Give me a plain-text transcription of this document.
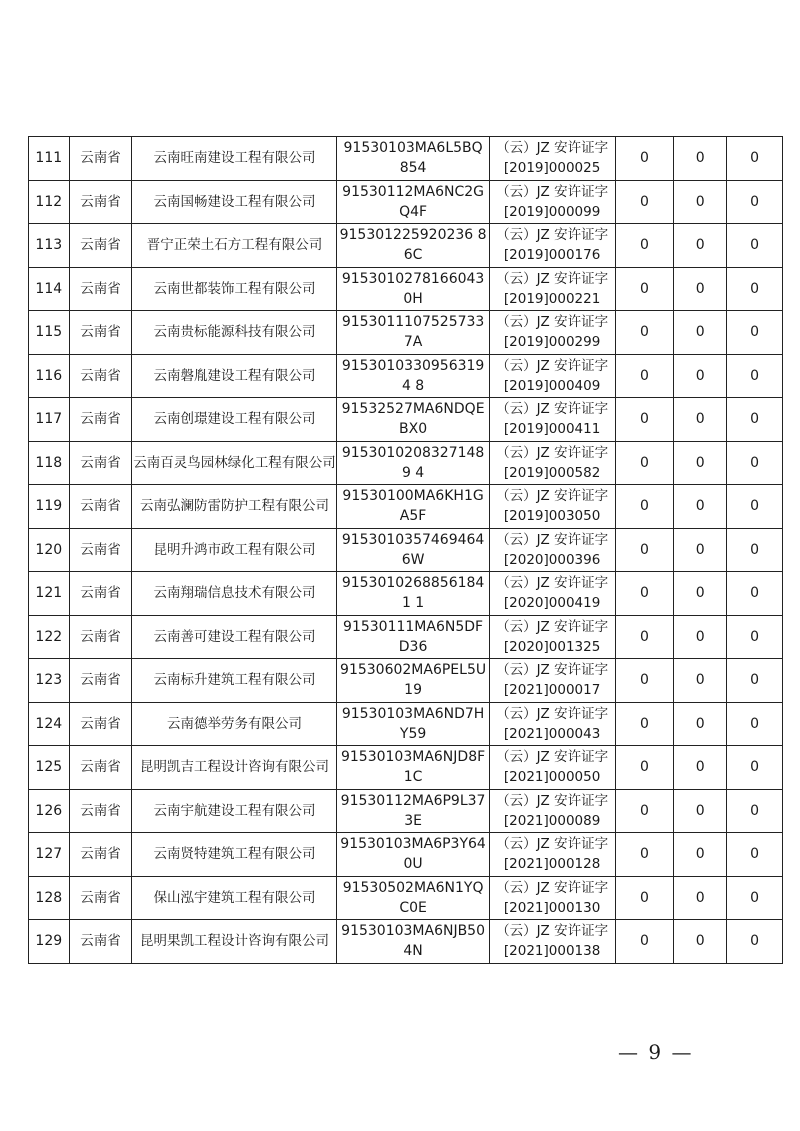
111	云南省	云南旺南建设工程有限公司	91530103MA6L5BQ854	（云）JZ 安许证字
[2019]000025	0	0	0
112	云南省	云南国畅建设工程有限公司	91530112MA6NC2GQ4F	（云）JZ 安许证字
[2019]000099	0	0	0
113	云南省	晋宁正荣土石方工程有限公司	915301225920236 86C	（云）JZ 安许证字
[2019]000176	0	0	0
114	云南省	云南世都装饰工程有限公司	91530102781660430H	（云）JZ 安许证字
[2019]000221	0	0	0
115	云南省	云南贵标能源科技有限公司	91530111075257337A	（云）JZ 安许证字
[2019]000299	0	0	0
116	云南省	云南磐胤建设工程有限公司	91530103309563194 8	（云）JZ 安许证字
[2019]000409	0	0	0
117	云南省	云南创璟建设工程有限公司	91532527MA6NDQEBX0	（云）JZ 安许证字
[2019]000411	0	0	0
118	云南省	云南百灵鸟园林绿化工程有限公司	91530102083271489 4	（云）JZ 安许证字
[2019]000582	0	0	0
119	云南省	云南弘澜防雷防护工程有限公司	91530100MA6KH1GA5F	（云）JZ 安许证字
[2019]003050	0	0	0
120	云南省	昆明升鸿市政工程有限公司	91530103574694646W	（云）JZ 安许证字
[2020]000396	0	0	0
121	云南省	云南翔瑞信息技术有限公司	91530102688561841 1	（云）JZ 安许证字
[2020]000419	0	0	0
122	云南省	云南善可建设工程有限公司	91530111MA6N5DFD36	（云）JZ 安许证字
[2020]001325	0	0	0
123	云南省	云南标升建筑工程有限公司	91530602MA6PEL5U19	（云）JZ 安许证字
[2021]000017	0	0	0
124	云南省	云南德举劳务有限公司	91530103MA6ND7HY59	（云）JZ 安许证字
[2021]000043	0	0	0
125	云南省	昆明凯吉工程设计咨询有限公司	91530103MA6NJD8F1C	（云）JZ 安许证字
[2021]000050	0	0	0
126	云南省	云南宇航建设工程有限公司	91530112MA6P9L373E	（云）JZ 安许证字
[2021]000089	0	0	0
127	云南省	云南贤特建筑工程有限公司	91530103MA6P3Y640U	（云）JZ 安许证字
[2021]000128	0	0	0
128	云南省	保山泓宇建筑工程有限公司	91530502MA6N1YQC0E	（云）JZ 安许证字
[2021]000130	0	0	0
129	云南省	昆明果凯工程设计咨询有限公司	91530103MA6NJB504N	（云）JZ 安许证字
[2021]000138	0	0	0
— 9 —
